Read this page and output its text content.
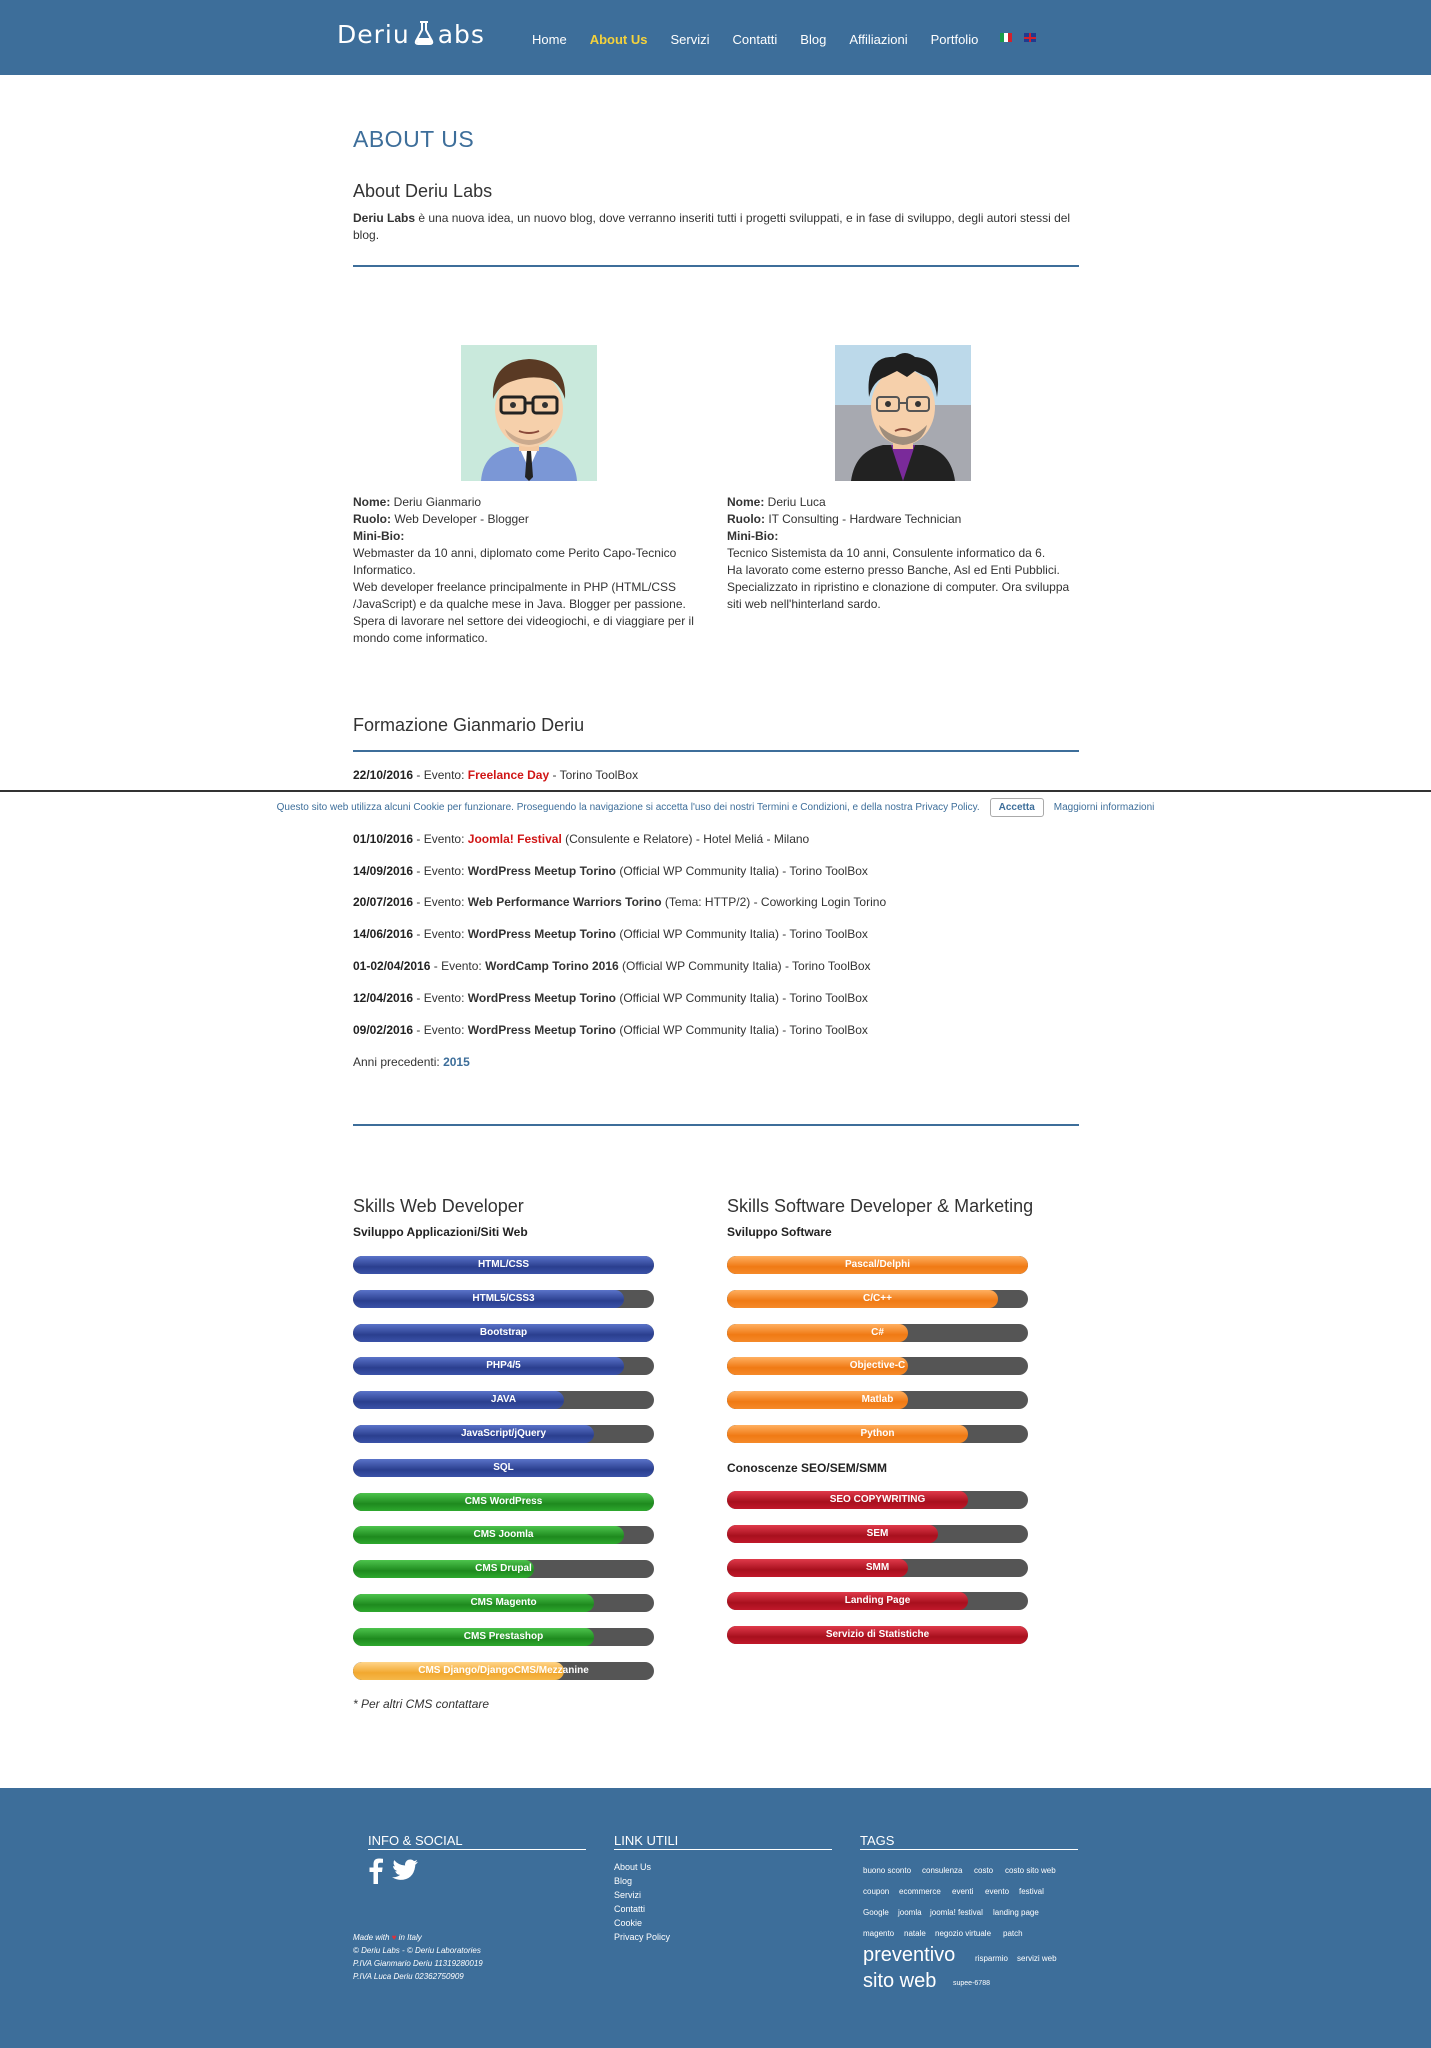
Deriu abs	Home About Us Servizi Contatti Blog Affiliazioni Portfolio
ABOUT US
About Deriu Labs

Deriu Labs è una nuova idea, un nuovo blog, dove verranno inseriti tutti i progetti sviluppati, e in fase di sviluppo, degli autori stessi del blog.

Nome: Deriu Gianmario
Ruolo: Web Developer - Blogger
Mini-Bio:
Webmaster da 10 anni, diplomato come Perito Capo-Tecnico
Informatico.
Web developer freelance principalmente in PHP (HTML/CSS
/JavaScript) e da qualche mese in Java. Blogger per passione.
Spera di lavorare nel settore dei videogiochi, e di viaggiare per il
mondo come informatico.
Nome: Deriu Luca
Ruolo: IT Consulting - Hardware Technician
Mini-Bio:
Tecnico Sistemista da 10 anni, Consulente informatico da 6.
Ha lavorato come esterno presso Banche, Asl ed Enti Pubblici.
Specializzato in ripristino e clonazione di computer. Ora sviluppa
siti web nell'hinterland sardo.
Formazione Gianmario Deriu
22/10/2016 - Evento: Freelance Day - Torino ToolBox
01/10/2016 - Evento: Joomla! Festival (Consulente e Relatore) - Hotel Meliá - Milano
14/09/2016 - Evento: WordPress Meetup Torino (Official WP Community Italia) - Torino ToolBox
20/07/2016 - Evento: Web Performance Warriors Torino (Tema: HTTP/2) - Coworking Login Torino
14/06/2016 - Evento: WordPress Meetup Torino (Official WP Community Italia) - Torino ToolBox
01-02/04/2016 - Evento: WordCamp Torino 2016 (Official WP Community Italia) - Torino ToolBox
12/04/2016 - Evento: WordPress Meetup Torino (Official WP Community Italia) - Torino ToolBox
09/02/2016 - Evento: WordPress Meetup Torino (Official WP Community Italia) - Torino ToolBox
Anni precedenti: 2015
Questo sito web utilizza alcuni Cookie per funzionare. Proseguendo la navigazione si accetta l'uso dei nostri Termini e Condizioni, e della nostra Privacy Policy.	Accetta	Maggiorni informazioni
Skills Web Developer
Sviluppo Applicazioni/Siti Web
Skills Software Developer & Marketing
Sviluppo Software
Conoscenze SEO/SEM/SMM
HTML/CSS
HTML5/CSS3
Bootstrap
PHP4/5
JAVA
JavaScript/jQuery
SQL
CMS WordPress
CMS Joomla
CMS Drupal
CMS Magento
CMS Prestashop
CMS Django/DjangoCMS/Mezzanine
Pascal/Delphi
C/C++
C#
Objective-C
Matlab
Python
SEO COPYWRITING
SEM
SMM
Landing Page
Servizio di Statistiche
* Per altri CMS contattare
INFO & SOCIAL	LINK UTILI	TAGS
About Us
Blog
Servizi
Contatti
Cookie
Privacy Policy
Made with ♥ in Italy
© Deriu Labs - © Deriu Laboratories
P.IVA Gianmario Deriu 11319280019
P.IVA Luca Deriu 02362750909
buono sconto consulenza costo costo sito web
coupon ecommerce eventi evento festival
Google joomla joomla! festival landing page
magento natale negozio virtuale patch
preventivo risparmio servizi web
sito web supee-6788
